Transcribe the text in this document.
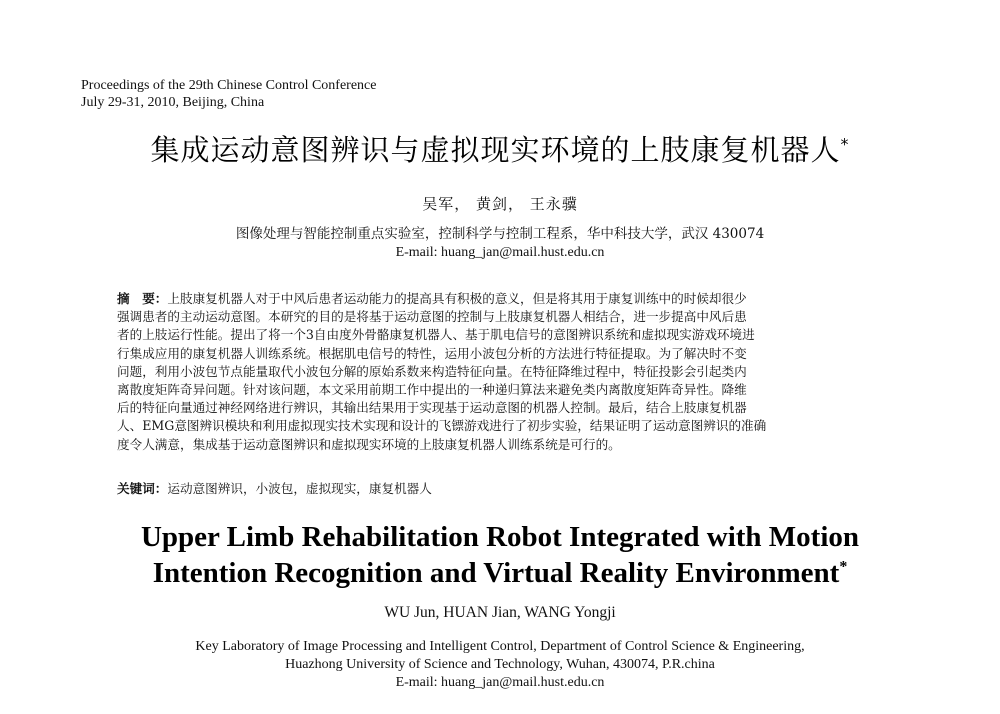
Proceedings of the 29th Chinese Control Conference
July 29-31, 2010, Beijing, China
集成运动意图辨识与虚拟现实环境的上肢康复机器人*
吴军， 黄剑， 王永骥
图像处理与智能控制重点实验室，控制科学与控制工程系，华中科技大学，武汉 430074
E-mail: huang_jan@mail.hust.edu.cn
摘　要：上肢康复机器人对于中风后患者运动能力的提高具有积极的意义，但是将其用于康复训练中的时候却很少
强调患者的主动运动意图。本研究的目的是将基于运动意图的控制与上肢康复机器人相结合，进一步提高中风后患
者的上肢运行性能。提出了将一个3自由度外骨骼康复机器人、基于肌电信号的意图辨识系统和虚拟现实游戏环境进
行集成应用的康复机器人训练系统。根据肌电信号的特性，运用小波包分析的方法进行特征提取。为了解决时不变
问题，利用小波包节点能量取代小波包分解的原始系数来构造特征向量。在特征降维过程中，特征投影会引起类内
离散度矩阵奇异问题。针对该问题，本文采用前期工作中提出的一种递归算法来避免类内离散度矩阵奇异性。降维
后的特征向量通过神经网络进行辨识，其输出结果用于实现基于运动意图的机器人控制。最后，结合上肢康复机器
人、EMG意图辨识模块和利用虚拟现实技术实现和设计的飞镖游戏进行了初步实验，结果证明了运动意图辨识的准确
度令人满意，集成基于运动意图辨识和虚拟现实环境的上肢康复机器人训练系统是可行的。
关键词：运动意图辨识，小波包，虚拟现实，康复机器人
Upper Limb Rehabilitation Robot Integrated with Motion
Intention Recognition and Virtual Reality Environment*
WU Jun, HUAN Jian, WANG Yongji
Key Laboratory of Image Processing and Intelligent Control, Department of Control Science & Engineering,
Huazhong University of Science and Technology, Wuhan, 430074, P.R.china
E-mail: huang_jan@mail.hust.edu.cn
